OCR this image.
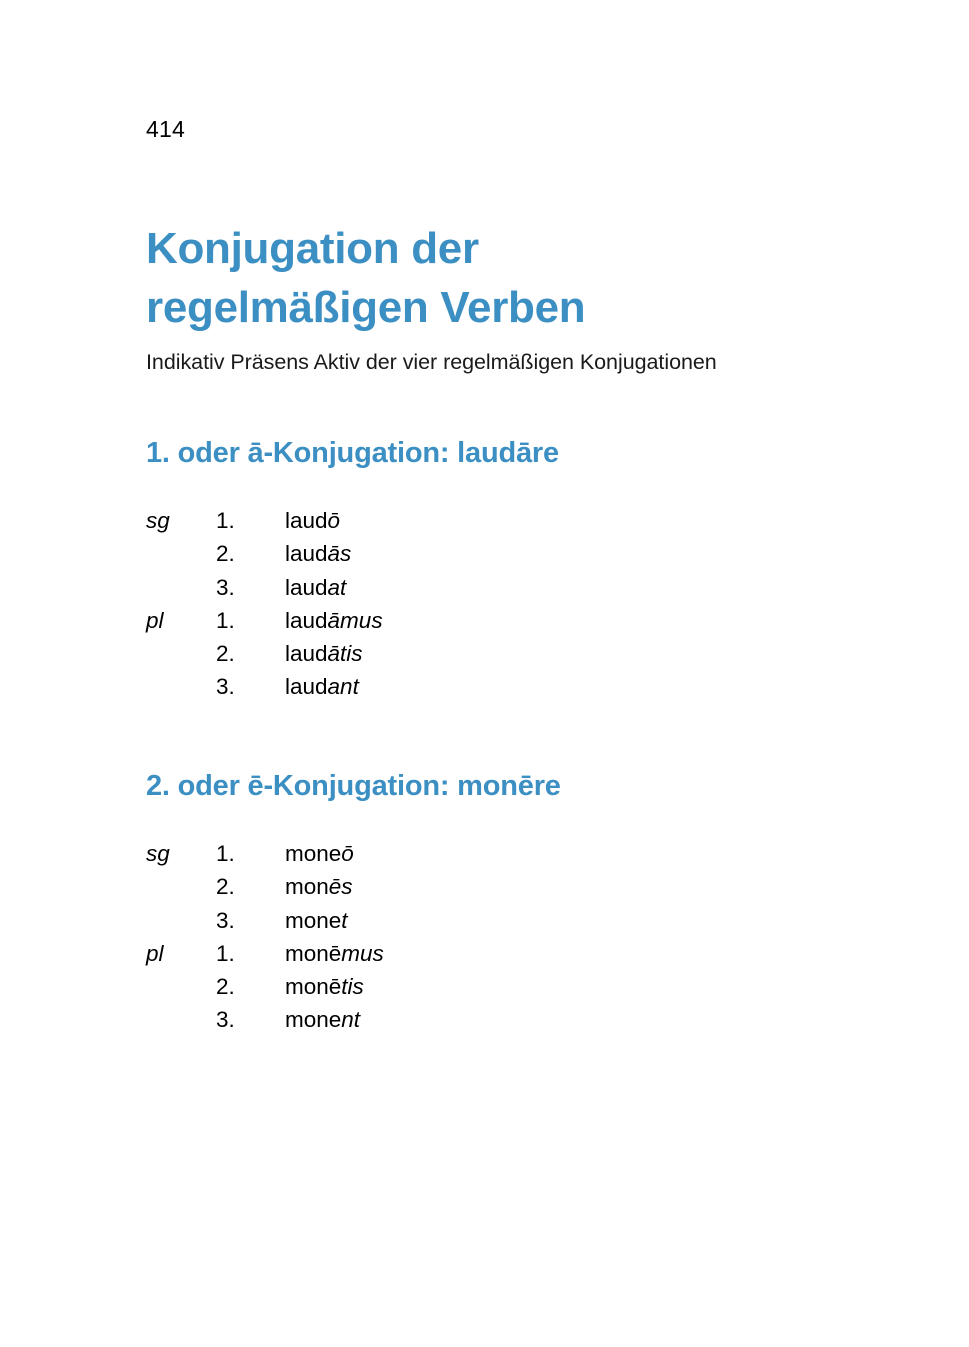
414
Konjugation der
regelmäßigen Verben
Indikativ Präsens Aktiv der vier regelmäßigen Konjugationen
1. oder ā-Konjugation: laudāre
sg	1.	laudō
	2.	laudās
	3.	laudat
pl	1.	laudāmus
	2.	laudātis
	3.	laudant
2. oder ē-Konjugation: monēre
sg	1.	moneō
	2.	monēs
	3.	monet
pl	1.	monēmus
	2.	monētis
	3.	monent
